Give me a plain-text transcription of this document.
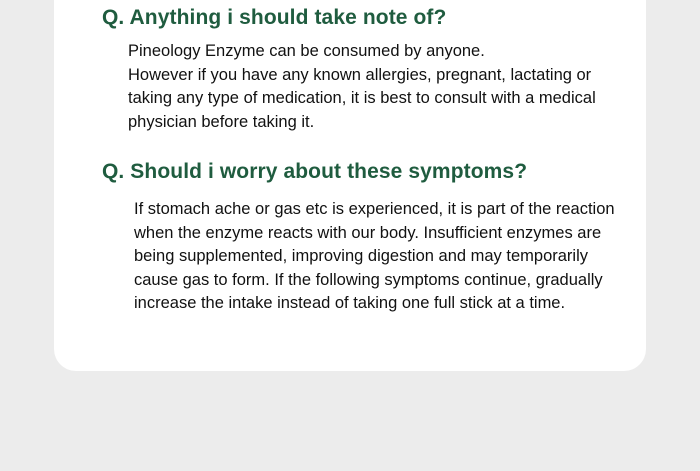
Q. Anything i should take note of?

Pineology Enzyme can be consumed by anyone.

However if you have any known allergies, pregnant, lactating or taking any type of medication, it is best to consult with a medical physician before taking it.

Q. Should i worry about these symptoms?

If stomach ache or gas etc is experienced, it is part of the reaction when the enzyme reacts with our body. Insufficient enzymes are being supplemented, improving digestion and may temporarily cause gas to form. If the following symptoms continue, gradually increase the intake instead of taking one full stick at a time.
